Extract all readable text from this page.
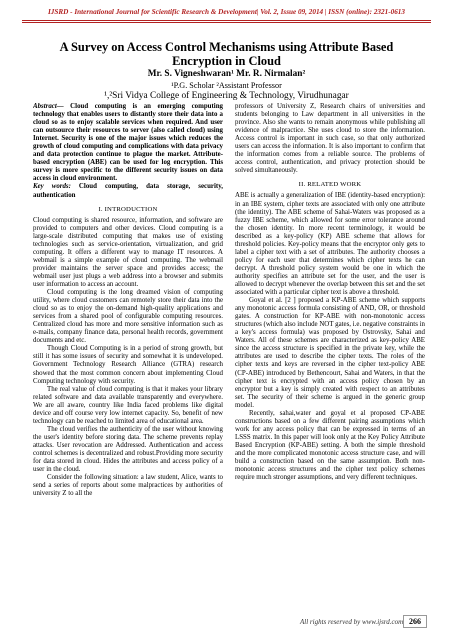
IJSRD - International Journal for Scientific Research & Development| Vol. 2, Issue 09, 2014 | ISSN (online): 2321-0613
A Survey on Access Control Mechanisms using Attribute Based Encryption in Cloud
Mr. S. Vigneshwaran¹ Mr. R. Nirmalan²
¹P.G. Scholar ²Assistant Professor
¹,²Sri Vidya College of Engineering & Technology, Virudhunagar

Abstract— Cloud computing is an emerging computing technology that enables users to distantly store their data into a cloud so as to enjoy scalable services when required. And user can outsource their resources to server (also called cloud) using Internet. Security is one of the major issues which reduces the growth of cloud computing and complications with data privacy and data protection continue to plague the market. Attribute-based encryption (ABE) can be used for log encryption. This survey is more specific to the different security issues on data access in cloud environment.

Key words: Cloud computing, data storage, security, authentication

I. INTRODUCTION

Cloud computing is shared resource, information, and software are provided to computers and other devices. Cloud computing is a large-scale distributed computing that makes use of existing technologies such as service-orientation, virtualization, and grid computing. It offers a different way to manage IT resources. A webmail is a simple example of cloud computing. The webmail provider maintains the server space and provides access; the webmail user just plugs a web address into a browser and submits user information to access an account.

Cloud computing is the long dreamed vision of computing utility, where cloud customers can remotely store their data into the cloud so as to enjoy the on-demand high-quality applications and services from a shared pool of configurable computing resources. Centralized cloud has more and more sensitive information such as e-mails, company finance data, personal health records, government documents and etc.

Though Cloud Computing is in a period of strong growth, but still it has some issues of security and somewhat it is undeveloped. Government Technology Research Alliance (GTRA) research showed that the most common concern about implementing Cloud Computing technology with security.

The real value of cloud computing is that it makes your library related software and data available transparently and everywhere. We are all aware, country like India faced problems like digital device and off course very low internet capacity. So, benefit of new technology can be reached to limited area of educational area.

The cloud verifies the authenticity of the user without knowing the user's identity before storing data. The scheme prevents replay attacks. User revocation are Addressed. Authentication and access control schemes is decentralized and robust.Providing more security for data stored in cloud. Hides the attributes and access policy of a user in the cloud.

Consider the following situation: a law student, Alice, wants to send a series of reports about some malpractices by authorities of university Z to all the

professors of University Z, Research chairs of universities and students belonging to Law department in all universities in the province. Also she wants to remain anonymous while publishing all evidence of malpractice. She uses cloud to store the information. Access control is important in such case, so that only authorized users can access the information. It is also important to confirm that the information comes from a reliable source. The problems of access control, authentication, and privacy protection should be solved simultaneously.

II. RELATED WORK

ABE is actually a generalization of IBE (identity-based encryption): in an IBE system, cipher texts are associated with only one attribute (the identity). The ABE scheme of Sahai-Waters was proposed as a fuzzy IBE scheme, which allowed for some error tolerance around the chosen identity. In more recent terminology, it would be described as a key-policy (KP) ABE scheme that allows for threshold policies. Key-policy means that the encryptor only gets to label a cipher text with a set of attributes. The authority chooses a policy for each user that determines which cipher texts he can decrypt. A threshold policy system would be one in which the authority specifies an attribute set for the user, and the user is allowed to decrypt whenever the overlap between this set and the set associated with a particular cipher text is above a threshold.

Goyal et al. [2 ] proposed a KP-ABE scheme which supports any monotonic access formula consisting of AND, OR, or threshold gates. A construction for KP-ABE with non-monotonic access structures (which also include NOT gates, i.e. negative constraints in a key's access formula) was proposed by Ostrovsky, Sahai and Waters. All of these schemes are characterized as key-policy ABE since the access structure is specified in the private key, while the attributes are used to describe the cipher texts. The roles of the cipher texts and keys are reversed in the cipher text-policy ABE (CP-ABE) introduced by Bethencourt, Sahai and Waters, in that the cipher text is encrypted with an access policy chosen by an encryptor but a key is simply created with respect to an attributes set. The security of their scheme is argued in the generic group model.

Recently, sahai,water and goyal et al proposed CP-ABE constructions based on a few different pairing assumptions which work for any access policy that can be expressed in terms of an LSSS matrix. In this paper will look only at the Key Policy Attribute Based Encryption (KP-ABE) setting. A both the simple threshold and the more complicated monotonic access structure case, and will build a construction based on the same assumption. Both non-monotonic access structures and the cipher text policy schemes require much stronger assumptions, and very different techniques.

All rights reserved by www.ijsrd.com 266
